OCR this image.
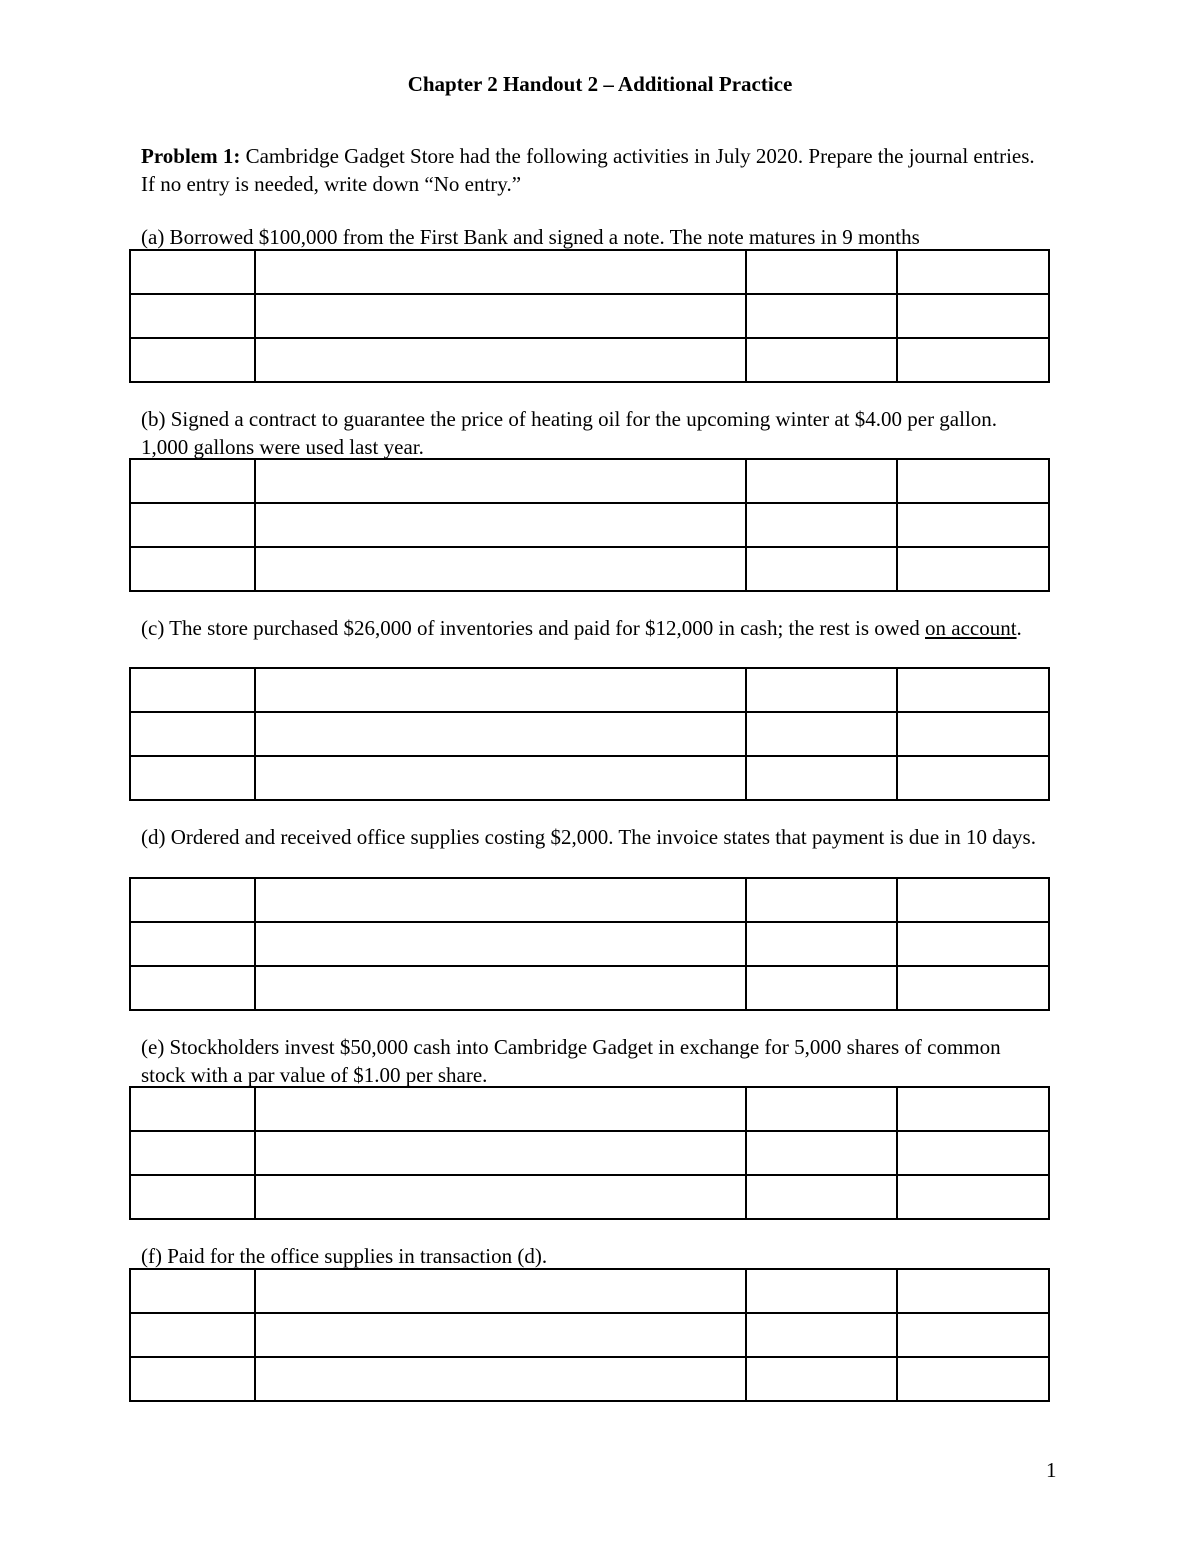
Chapter 2 Handout 2 – Additional Practice

Problem 1: Cambridge Gadget Store had the following activities in July 2020. Prepare the journal entries. If no entry is needed, write down “No entry.”

(a) Borrowed $100,000 from the First Bank and signed a note. The note matures in 9 months

(b) Signed a contract to guarantee the price of heating oil for the upcoming winter at $4.00 per gallon. 1,000 gallons were used last year.

(c) The store purchased $26,000 of inventories and paid for $12,000 in cash; the rest is owed on account.

(d) Ordered and received office supplies costing $2,000. The invoice states that payment is due in 10 days.

(e) Stockholders invest $50,000 cash into Cambridge Gadget in exchange for 5,000 shares of common stock with a par value of $1.00 per share.

(f) Paid for the office supplies in transaction (d).

1
